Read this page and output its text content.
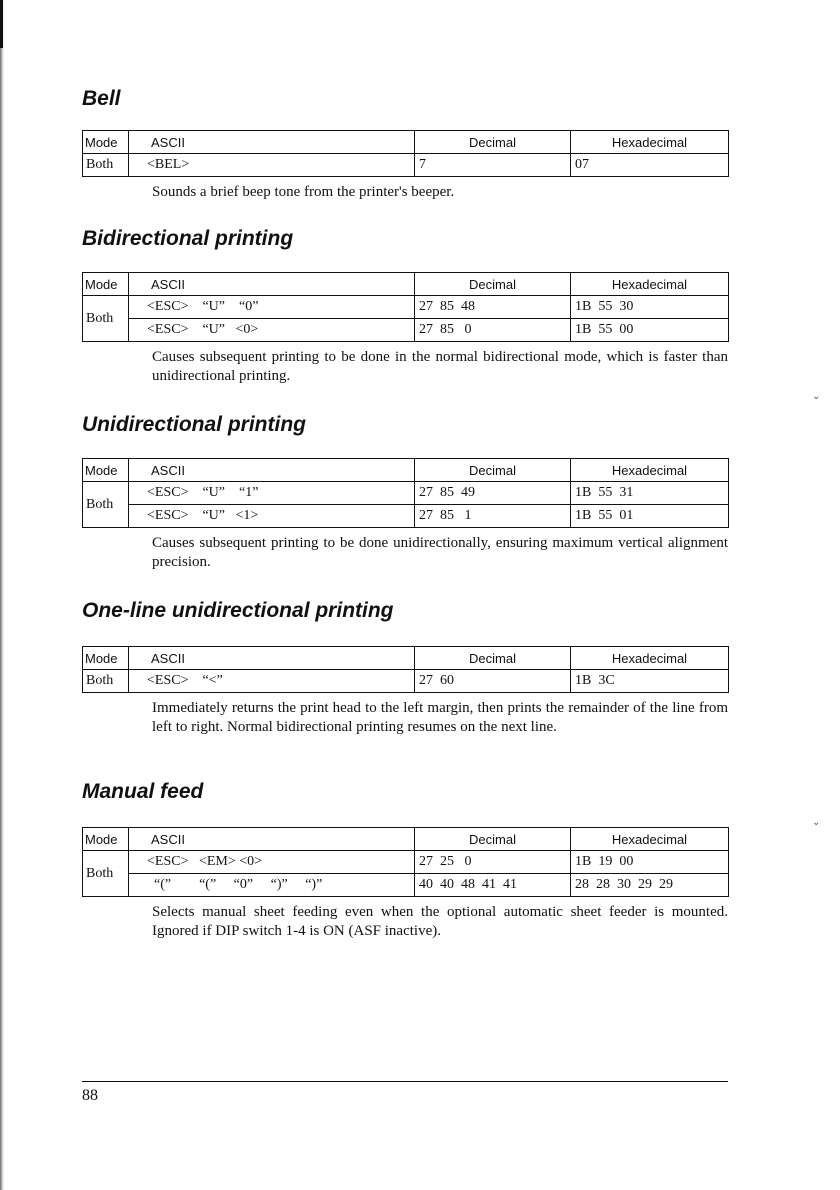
⌄
⌄
Bell
Mode	ASCII	Decimal	Hexadecimal
Both	<BEL>	7	07

Sounds a brief beep tone from the printer's beeper.

Bidirectional printing
Mode	ASCII	Decimal	Hexadecimal
Both	<ESC>    “U”    “0”	27  85  48	1B  55  30
	<ESC>    “U”   <0>	27  85   0	1B  55  00

Causes subsequent printing to be done in the normal bidirectional mode, which is faster than unidirectional printing.

Unidirectional printing
Mode	ASCII	Decimal	Hexadecimal
Both	<ESC>    “U”    “1”	27  85  49	1B  55  31
	<ESC>    “U”   <1>	27  85   1	1B  55  01

Causes subsequent printing to be done unidirectionally, ensuring maximum vertical alignment precision.

One-line unidirectional printing
Mode	ASCII	Decimal	Hexadecimal
Both	<ESC>    “<”	27  60	1B  3C

Immediately returns the print head to the left margin, then prints the remainder of the line from left to right. Normal bidirectional printing resumes on the next line.

Manual feed
Mode	ASCII	Decimal	Hexadecimal
Both	<ESC>   <EM> <0>	27  25   0	1B  19  00
	“(”        “(”     “0”     “)”     “)”	40  40  48  41  41	28  28  30  29  29

Selects manual sheet feeding even when the optional automatic sheet feeder is mounted. Ignored if DIP switch 1-4 is ON (ASF inactive).

88
